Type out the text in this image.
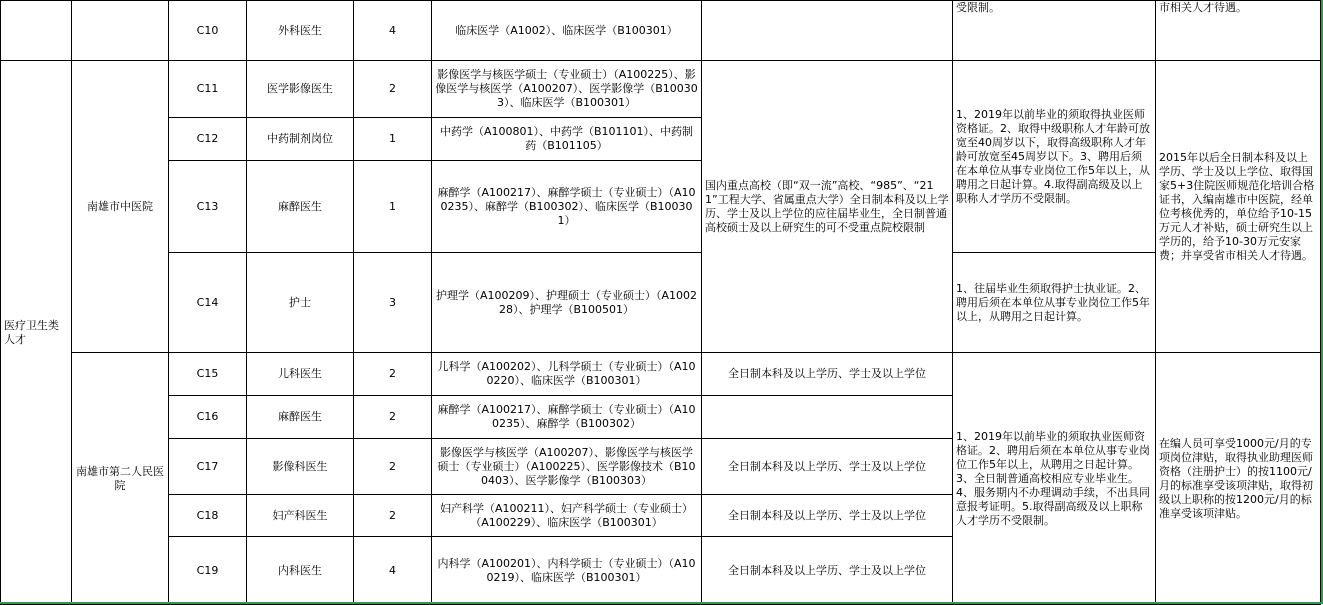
		C10	外科医生	4	临床医学（A1002）、临床医学（B100301）		受限制。	市相关人才待遇。
医疗卫生类人才	南雄市中医院	C11	医学影像医生	2	影像医学与核医学硕士（专业硕士）（A100225）、影像医学与核医学（A100207）、医学影像学（B100303）、临床医学（B100301）	国内重点高校（即“双一流”高校、“985”、“211”工程大学、省属重点大学）全日制本科及以上学历、学士及以上学位的应往届毕业生，全日制普通高校硕士及以上研究生的可不受重点院校限制	1、2019年以前毕业的须取得执业医师资格证。2、取得中级职称人才年龄可放宽至40周岁以下，取得高级职称人才年龄可放宽至45周岁以下。3、聘用后须在本单位从事专业岗位工作5年以上，从聘用之日起计算。4.取得副高级及以上职称人才学历不受限制。	2015年以后全日制本科及以上学历、学士及以上学位、取得国家5+3住院医师规范化培训合格证书，入编南雄市中医院，经单位考核优秀的，单位给予10-15万元人才补贴，硕士研究生以上学历的，给予10-30万元安家费；并享受省市相关人才待遇。
		C12	中药制剂岗位	1	中药学（A100801）、中药学（B101101）、中药制药（B101105）			
		C13	麻醉医生	1	麻醉学（A100217）、麻醉学硕士（专业硕士）（A100235）、麻醉学（B100302）、临床医学（B100301）			
		C14	护士	3	护理学（A100209）、护理硕士（专业硕士）（A100228）、护理学（B100501）		1、往届毕业生须取得护士执业证。2、聘用后须在本单位从事专业岗位工作5年以上，从聘用之日起计算。	
	南雄市第二人民医院	C15	儿科医生	2	儿科学（A100202）、儿科学硕士（专业硕士）（A100220）、临床医学（B100301）	全日制本科及以上学历、学士及以上学位	1、2019年以前毕业的须取执业医师资格证。2、聘用后须在本单位从事专业岗位工作5年以上，从聘用之日起计算。3、全日制普通高校相应专业毕业生。4、服务期内不办理调动手续，不出具同意报考证明。5.取得副高级及以上职称人才学历不受限制。	在编人员可享受1000元/月的专项岗位津贴，取得执业助理医师资格（注册护士）的按1100元/月的标准享受该项津贴，取得初级以上职称的按1200元/月的标准享受该项津贴。
		C16	麻醉医生	2	麻醉学（A100217）、麻醉学硕士（专业硕士）（A100235）、麻醉学（B100302）			
		C17	影像科医生	2	影像医学与核医学（A100207）、影像医学与核医学硕士（专业硕士）（A100225）、医学影像技术（B100403）、医学影像学（B100303）	全日制本科及以上学历、学士及以上学位		
		C18	妇产科医生	2	妇产科学（A100211）、妇产科学硕士（专业硕士）（A100229）、临床医学（B100301）	全日制本科及以上学历、学士及以上学位		
		C19	内科医生	4	内科学（A100201）、内科学硕士（专业硕士）（A100219）、临床医学（B100301）	全日制本科及以上学历、学士及以上学位		
